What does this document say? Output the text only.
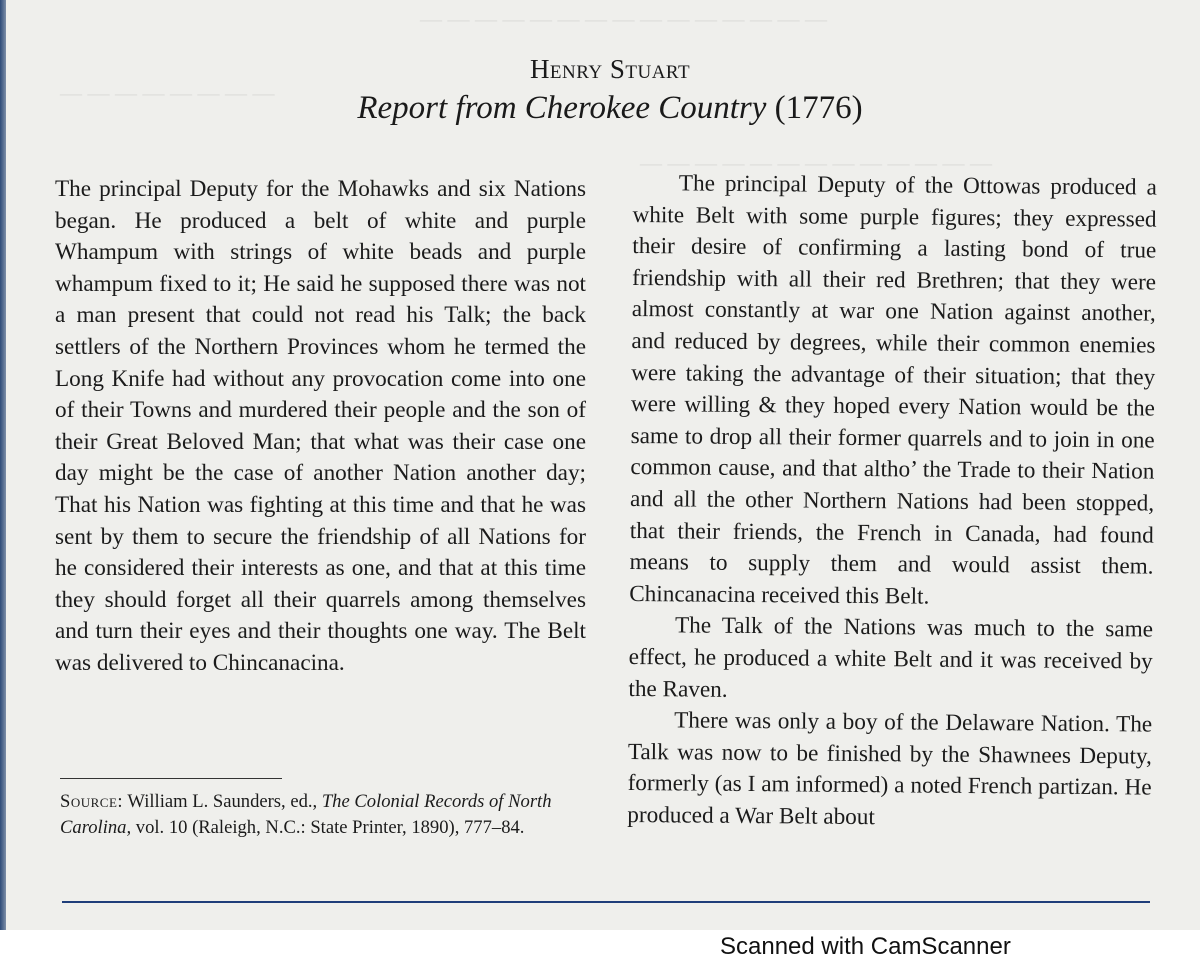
— — — — — — — — — — — — — — —
— — — — — — — — — — — — —
— — — — — — — —
Henry Stuart
Report from Cherokee Country (1776)

The principal Deputy for the Mohawks and six Nations began. He produced a belt of white and purple Whampum with strings of white beads and purple whampum fixed to it; He said he supposed there was not a man present that could not read his Talk; the back settlers of the Northern Provinces whom he termed the Long Knife had without any provocation come into one of their Towns and murdered their people and the son of their Great Beloved Man; that what was their case one day might be the case of another Nation another day; That his Nation was fighting at this time and that he was sent by them to secure the friendship of all Nations for he considered their interests as one, and that at this time they should forget all their quarrels among themselves and turn their eyes and their thoughts one way. The Belt was delivered to Chincanacina.

The principal Deputy of the Ottowas produced a white Belt with some purple figures; they expressed their desire of confirming a lasting bond of true friendship with all their red Brethren; that they were almost constantly at war one Nation against another, and reduced by degrees, while their common enemies were taking the advantage of their situation; that they were willing & they hoped every Nation would be the same to drop all their former quarrels and to join in one common cause, and that altho’ the Trade to their Nation and all the other Northern Nations had been stopped, that their friends, the French in Canada, had found means to supply them and would assist them. Chincanacina received this Belt.

The Talk of the Nations was much to the same effect, he produced a white Belt and it was received by the Raven.

There was only a boy of the Delaware Nation. The Talk was now to be finished by the Shawnees Deputy, formerly (as I am informed) a noted French partizan. He produced a War Belt about

Source: William L. Saunders, ed., The Colonial Records of North Carolina, vol. 10 (Raleigh, N.C.: State Printer, 1890), 777–84.
Scanned with CamScanner
